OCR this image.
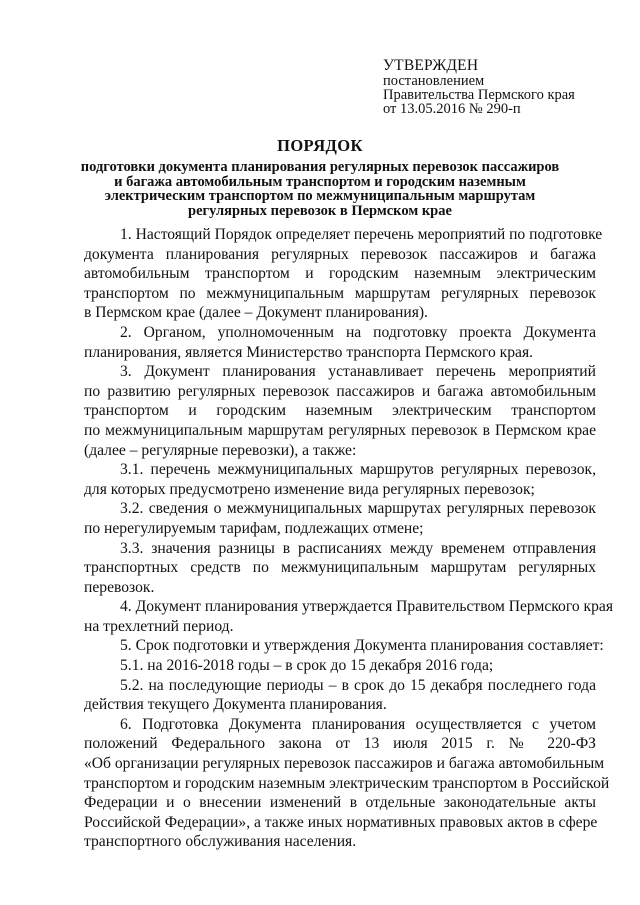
УТВЕРЖДЕН
постановлением
Правительства Пермского края
от 13.05.2016 № 290-п
ПОРЯДОК
подготовки документа планирования регулярных перевозок пассажиров
и багажа автомобильным транспортом и городским наземным
электрическим транспортом по межмуниципальным маршрутам
регулярных перевозок в Пермском крае
1. Настоящий Порядок определяет перечень мероприятий по подготовке
документа планирования регулярных перевозок пассажиров и багажа
автомобильным транспортом и городским наземным электрическим
транспортом по межмуниципальным маршрутам регулярных перевозок
в Пермском крае (далее – Документ планирования).
2. Органом, уполномоченным на подготовку проекта Документа
планирования, является Министерство транспорта Пермского края.
3. Документ планирования устанавливает перечень мероприятий
по развитию регулярных перевозок пассажиров и багажа автомобильным
транспортом и городским наземным электрическим транспортом
по межмуниципальным маршрутам регулярных перевозок в Пермском крае
(далее – регулярные перевозки), а также:
3.1. перечень межмуниципальных маршрутов регулярных перевозок,
для которых предусмотрено изменение вида регулярных перевозок;
3.2. сведения о межмуниципальных маршрутах регулярных перевозок
по нерегулируемым тарифам, подлежащих отмене;
3.3. значения разницы в расписаниях между временем отправления
транспортных средств по межмуниципальным маршрутам регулярных
перевозок.
4. Документ планирования утверждается Правительством Пермского края
на трехлетний период.
5. Срок подготовки и утверждения Документа планирования составляет:
5.1. на 2016-2018 годы – в срок до 15 декабря 2016 года;
5.2. на последующие периоды – в срок до 15 декабря последнего года
действия текущего Документа планирования.
6. Подготовка Документа планирования осуществляется с учетом
положений Федерального закона от 13 июля 2015 г. № 220-ФЗ
«Об организации регулярных перевозок пассажиров и багажа автомобильным
транспортом и городским наземным электрическим транспортом в Российской
Федерации и о внесении изменений в отдельные законодательные акты
Российской Федерации», а также иных нормативных правовых актов в сфере
транспортного обслуживания населения.
